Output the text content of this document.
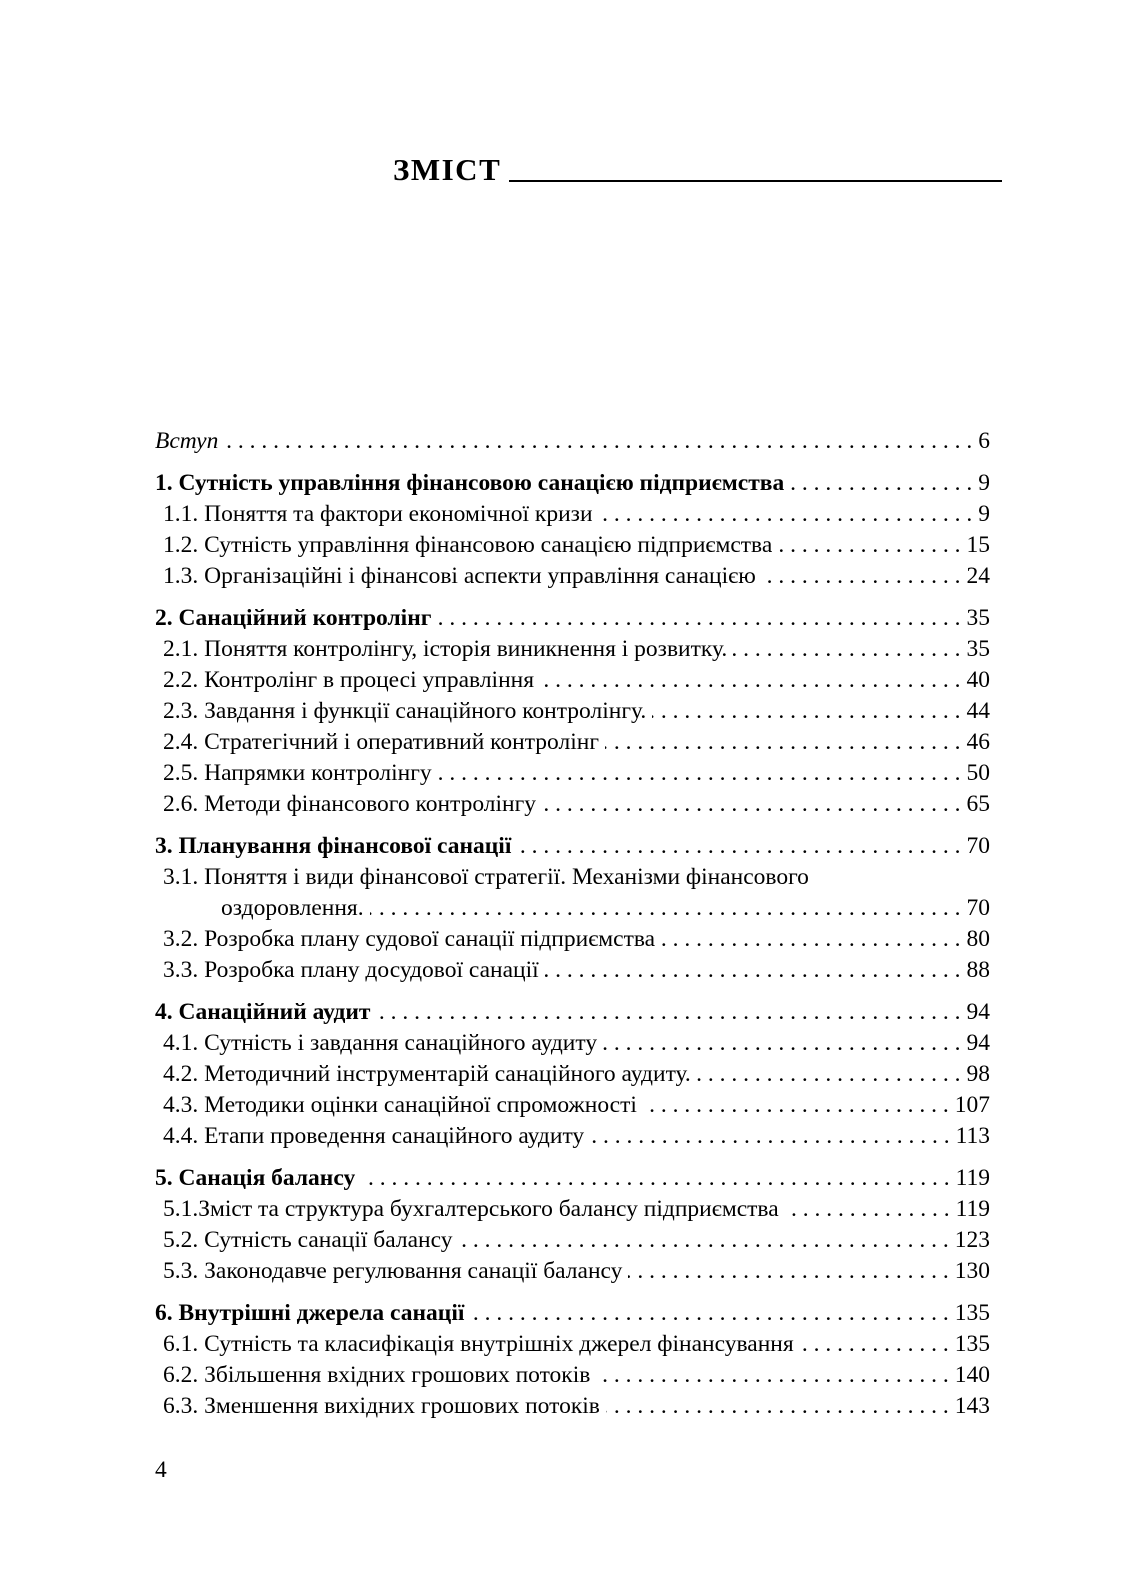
ЗМІСТ
Вступ . . .	6
1. Сутність управління фінансовою санацією підприємства . . .	9
1.1. Поняття та фактори економічної кризи . . .	9
1.2. Сутність управління фінансовою санацією підприємства . . .	15
1.3. Організаційні і фінансові аспекти управління санацією . . .	24
2. Санаційний контролінг . . .	35
2.1. Поняття контролінгу, історія виникнення і розвитку. . . .	35
2.2. Контролінг в процесі управління . . .	40
2.3. Завдання і функції санаційного контролінгу. . . .	44
2.4. Стратегічний і оперативний контролінг . . .	46
2.5. Напрямки контролінгу . . .	50
2.6. Методи фінансового контролінгу . . .	65
3. Планування фінансової санації . . .	70
3.1. Поняття і види фінансової стратегії. Механізми фінансового
оздоровлення. . . .	70
3.2. Розробка плану судової санації підприємства . . .	80
3.3. Розробка плану досудової санації . . .	88
4. Санаційний аудит . . .	94
4.1. Сутність і завдання санаційного аудиту . . .	94
4.2. Методичний інструментарій санаційного аудиту. . . .	98
4.3. Методики оцінки санаційної спроможності . . .	107
4.4. Етапи проведення санаційного аудиту . . .	113
5. Санація балансу . . .	119
5.1.Зміст та структура бухгалтерського балансу підприємства . . .	119
5.2. Сутність санації балансу . . .	123
5.3. Законодавче регулювання санації балансу . . .	130
6. Внутрішні джерела санації . . .	135
6.1. Сутність та класифікація внутрішніх джерел фінансування . . .	135
6.2. Збільшення вхідних грошових потоків . . .	140
6.3. Зменшення вихідних грошових потоків . . .	143
4
